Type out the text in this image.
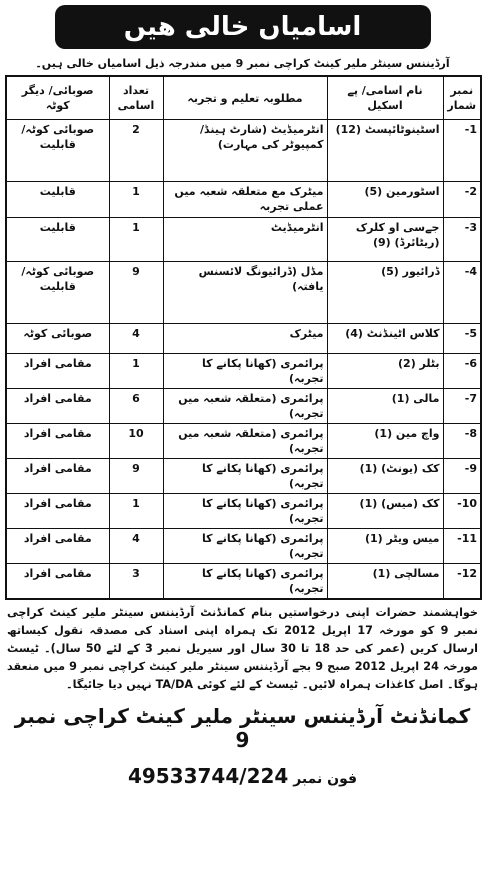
اسامیاں خالی ھیں
آرڈیننس سینٹر ملیر کینٹ کراچی نمبر 9 میں مندرجہ ذیل اسامیاں خالی ہیں۔
نمبر شمار	نام اسامی/ پے اسکیل	مطلوبہ تعلیم و تجربہ	تعداد اسامی	صوبائی/ دیگر کوٹہ
1-	اسٹینوٹائپسٹ (12)	انٹرمیڈیٹ (شارٹ ہینڈ/کمپیوٹر کی مہارت)	2	صوبائی کوٹہ/ قابلیت
2-	اسٹورمین (5)	میٹرک مع متعلقہ شعبہ میں عملی تجربہ	1	قابلیت
3-	جےسی او کلرک (ریٹائرڈ) (9)	انٹرمیڈیٹ	1	قابلیت
4-	ڈرائیور (5)	مڈل (ڈرائیونگ لائسنس یافتہ)	9	صوبائی کوٹہ/ قابلیت
5-	کلاس اٹینڈنٹ (4)	میٹرک	4	صوبائی کوٹہ
6-	بٹلر (2)	پرائمری (کھانا پکانے کا تجربہ)	1	مقامی افراد
7-	مالی (1)	پرائمری (متعلقہ شعبہ میں تجربہ)	6	مقامی افراد
8-	واچ مین (1)	پرائمری (متعلقہ شعبہ میں تجربہ)	10	مقامی افراد
9-	کک (یونٹ) (1)	پرائمری (کھانا پکانے کا تجربہ)	9	مقامی افراد
10-	کک (میس) (1)	پرائمری (کھانا پکانے کا تجربہ)	1	مقامی افراد
11-	میس ویٹر (1)	پرائمری (کھانا پکانے کا تجربہ)	4	مقامی افراد
12-	مسالچی (1)	پرائمری (کھانا پکانے کا تجربہ)	3	مقامی افراد
خواہشمند حضرات اپنی درخواستیں بنام کمانڈنٹ آرڈیننس سینٹر ملیر کینٹ کراچی نمبر 9 کو مورخہ 17 اپریل 2012 تک ہمراہ اپنی اسناد کی مصدقہ نقول کیساتھ ارسال کریں (عمر کی حد 18 تا 30 سال اور سیریل نمبر 3 کے لئے 50 سال)۔ ٹیسٹ مورخہ 24 اپریل 2012 صبح 9 بجے آرڈیننس سینٹر ملیر کینٹ کراچی نمبر 9 میں منعقد ہوگا۔ اصل کاغذات ہمراہ لائیں۔ ٹیسٹ کے لئے کوئی TA/DA نہیں دیا جائیگا۔
کمانڈنٹ آرڈیننس سینٹر ملیر کینٹ کراچی نمبر 9
فون نمبر 49533744/224
